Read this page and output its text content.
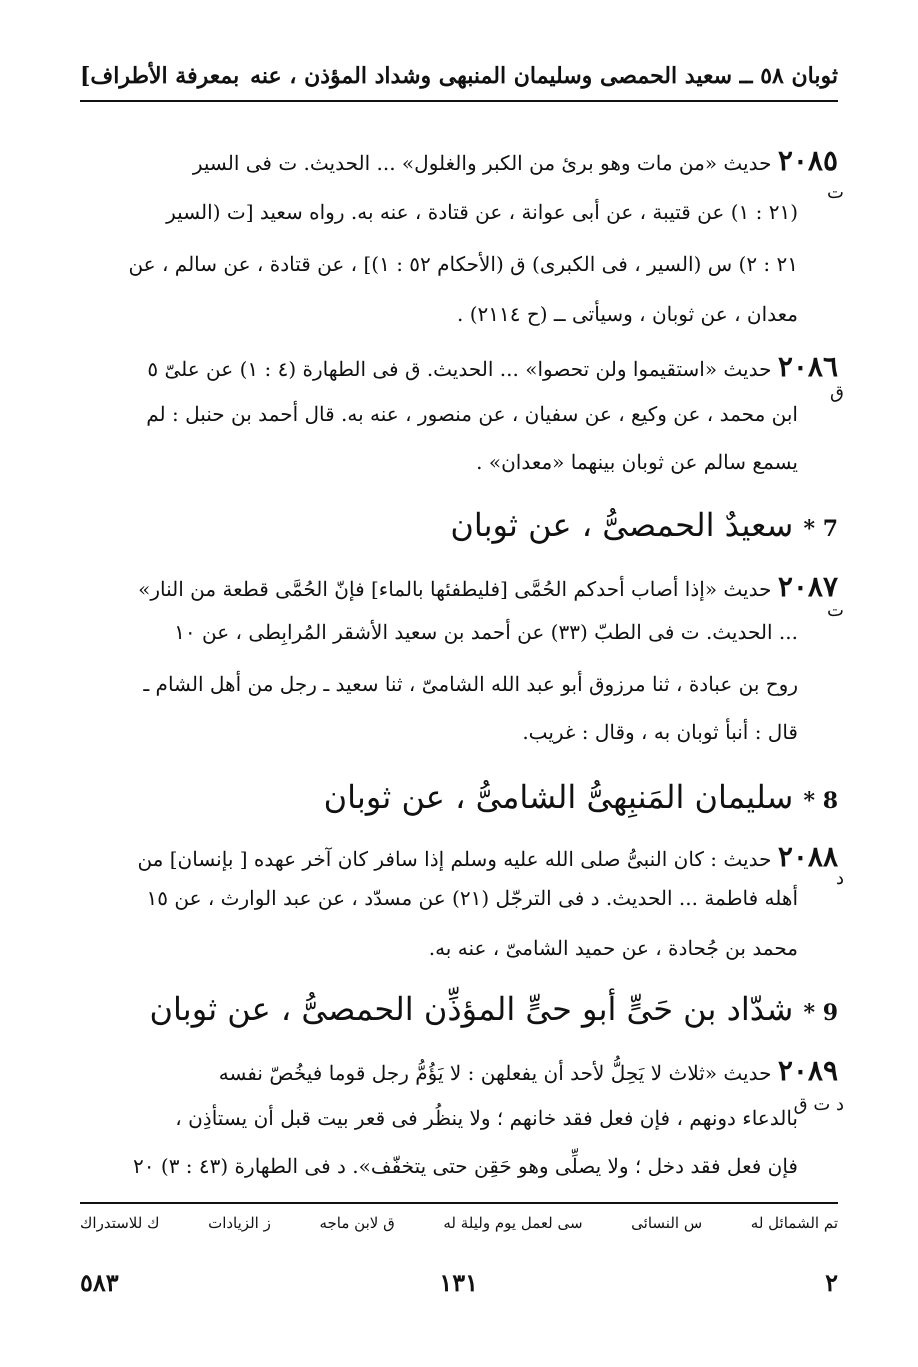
ثوبان ٥٨ ــ سعيد الحمصى وسليمان المنبهى وشداد المؤذن ، عنه
بمعرفة الأطراف]
٢٠٨٥ حديث «من مات وهو برئ من الكبر والغلول» ... الحديث. ت فى السير
ت
(٢١ : ١) عن قتيبة ، عن أبى عوانة ، عن قتادة ، عنه به. رواه سعيد [ت (السير
٢١ : ٢) س (السير ، فى الكبرى) ق (الأحكام ٥٢ : ١)] ، عن قتادة ، عن سالم ، عن
معدان ، عن ثوبان ، وسيأتى ــ (ح ٢١١٤) .
٢٠٨٦ حديث «استقيموا ولن تحصوا» ... الحديث. ق فى الطهارة (٤ : ١) عن علىّ ٥
ق
ابن محمد ، عن وكيع ، عن سفيان ، عن منصور ، عنه به. قال أحمد بن حنبل : لم
يسمع سالم عن ثوبان بينهما «معدان» .
7 * سعيدٌ الحمصىُّ ، عن ثوبان
٢٠٨٧ حديث «إذا أصاب أحدكم الحُمَّى [فليطفئها بالماء] فإنّ الحُمَّى قطعة من النار»
ت
... الحديث. ت فى الطبّ (٣٣) عن أحمد بن سعيد الأشقر المُرابِطى ، عن ١٠
روح بن عبادة ، ثنا مرزوق أبو عبد الله الشامىّ ، ثنا سعيد ـ رجل من أهل الشام ـ
قال : أنبأ ثوبان به ، وقال : غريب.
8 * سليمان المَنبِهىُّ الشامىُّ ، عن ثوبان
٢٠٨٨ حديث : كان النبىُّ صلى الله عليه وسلم إذا سافر كان آخر عهده [ بإنسان] من
د
أهله فاطمة ... الحديث. د فى الترجّل (٢١) عن مسدّد ، عن عبد الوارث ، عن ١٥
محمد بن جُحادة ، عن حميد الشامىّ ، عنه به.
9 * شدّاد بن حَىٍّ أبو حىٍّ المؤذِّن الحمصىُّ ، عن ثوبان
٢٠٨٩ حديث «ثلاث لا يَحِلُّ لأحد أن يفعلهن : لا يَؤُمُّ رجل قوما فيخُصّ نفسه
د ت ق
بالدعاء دونهم ، فإن فعل فقد خانهم ؛ ولا ينظُر فى قعر بيت قبل أن يستأذِن ،
فإن فعل فقد دخل ؛ ولا يصلِّى وهو حَقِن حتى يتخفّف». د فى الطهارة (٤٣ : ٣) ٢٠
تم الشمائل له
س النسائى
سى لعمل يوم وليلة له
ق لابن ماجه
ز الزيادات
ك للاستدراك
٢
١٣١
٥٨٣
